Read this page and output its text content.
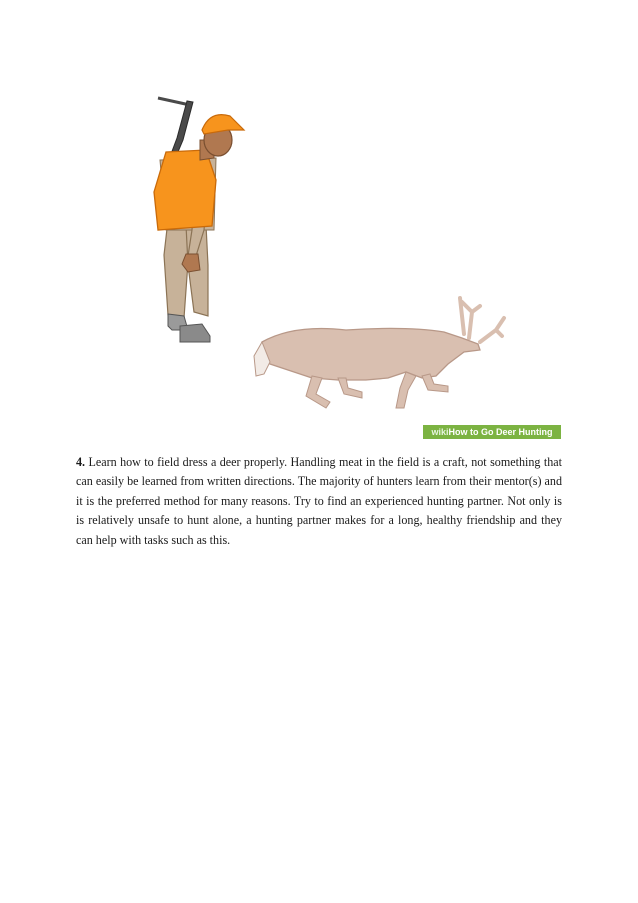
wikiHow to Go Deer Hunting

4. Learn how to field dress a deer properly. Handling meat in the field is a craft, not something that can easily be learned from written directions. The majority of hunters learn from their mentor(s) and it is the preferred method for many reasons. Try to find an experienced hunting partner. Not only is is relatively unsafe to hunt alone, a hunting partner makes for a long, healthy friendship and they can help with tasks such as this.
